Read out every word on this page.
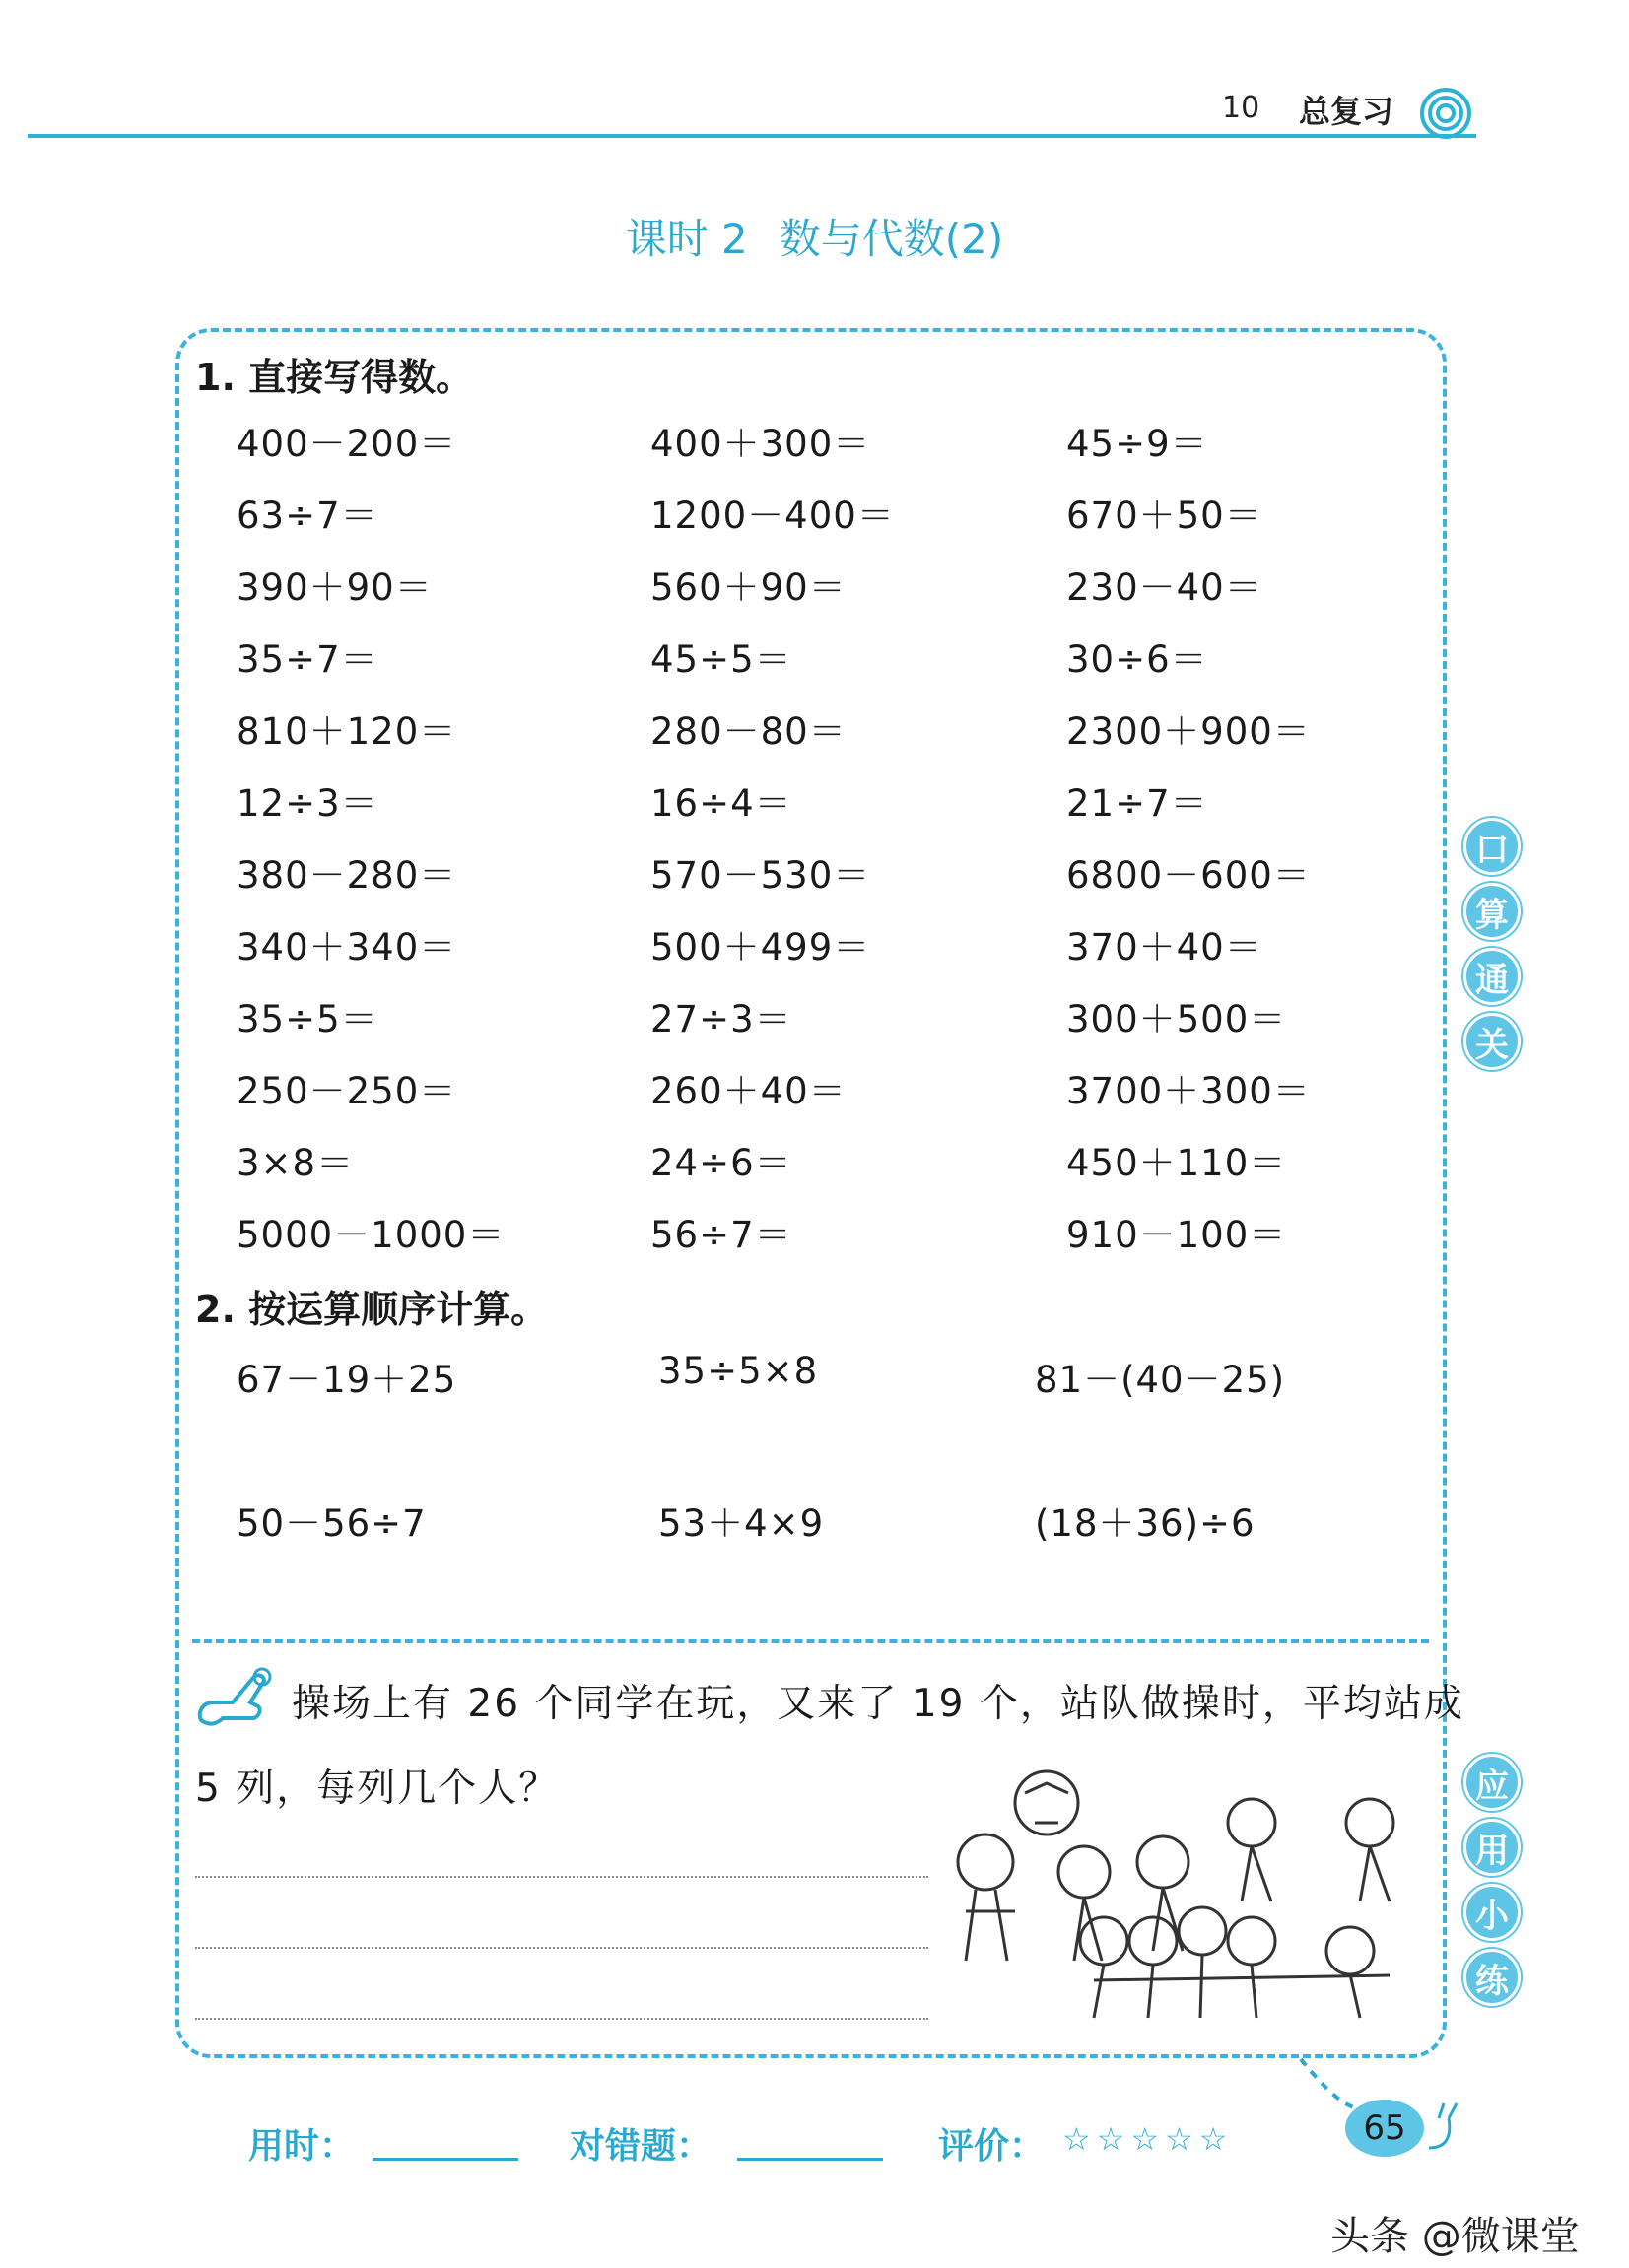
10 总复习
课时 2 数与代数(2)
1. 直接写得数。
400－200＝	400＋300＝	45÷9＝
63÷7＝	1200－400＝	670＋50＝
390＋90＝	560＋90＝	230－40＝
35÷7＝	45÷5＝	30÷6＝
810＋120＝	280－80＝	2300＋900＝
12÷3＝	16÷4＝	21÷7＝
380－280＝	570－530＝	6800－600＝
340＋340＝	500＋499＝	370＋40＝
35÷5＝	27÷3＝	300＋500＝
250－250＝	260＋40＝	3700＋300＝
3×8＝	24÷6＝	450＋110＝
5000－1000＝	56÷7＝	910－100＝
2. 按运算顺序计算。
67－19＋25	35÷5×8	81－(40－25)
50－56÷7	53＋4×9	(18＋36)÷6
口
算
通
关
应
用
小
练
操场上有 26 个同学在玩，又来了 19 个，站队做操时，平均站成
5 列，每列几个人？
用时：	对错题：	评价： ☆☆☆☆☆	65
头条 @微课堂
